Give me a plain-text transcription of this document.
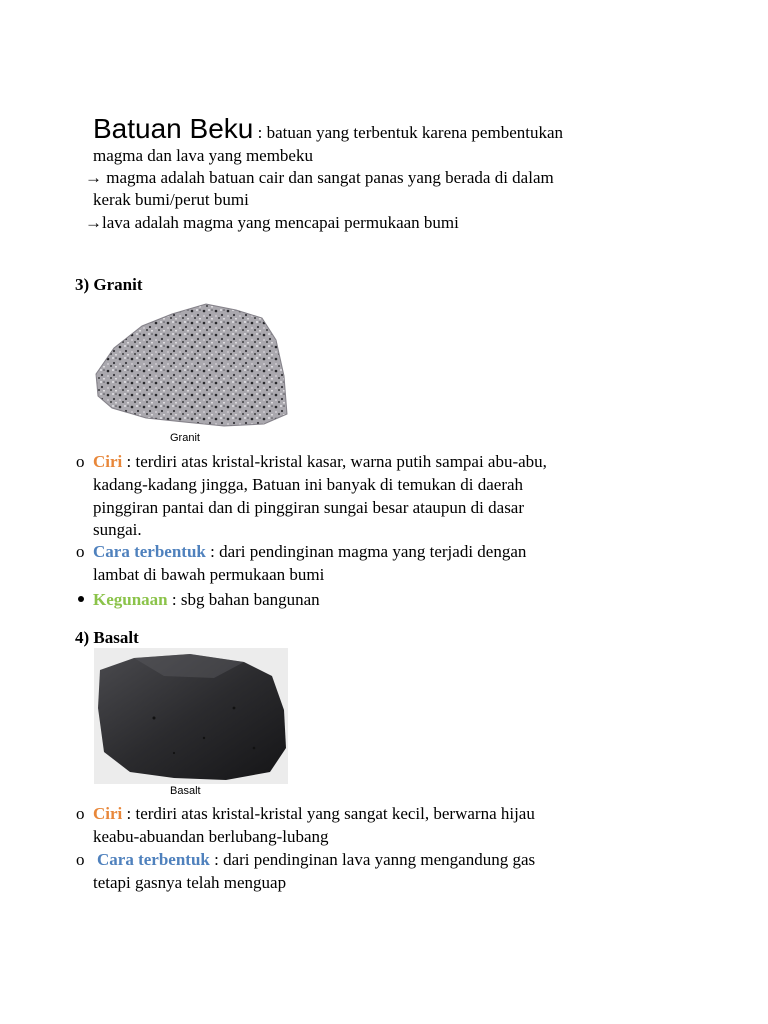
Batuan Beku : batuan yang terbentuk karena pembentukan
magma dan lava yang membeku
→ magma adalah batuan cair dan sangat panas yang berada di dalam
kerak bumi/perut bumi
→lava adalah magma yang mencapai permukaan bumi
3) Granit
Granit
o Ciri : terdiri atas kristal-kristal kasar, warna putih sampai abu-abu,
kadang-kadang jingga, Batuan ini banyak di temukan di daerah
pinggiran pantai dan di pinggiran sungai besar ataupun di dasar
sungai.
o Cara terbentuk : dari pendinginan magma yang terjadi dengan
lambat di bawah permukaan bumi
Kegunaan : sbg bahan bangunan
4) Basalt
Basalt
o Ciri : terdiri atas kristal-kristal yang sangat kecil, berwarna hijau
keabu-abuandan berlubang-lubang
o Cara terbentuk : dari pendinginan lava yanng mengandung gas
tetapi gasnya telah menguap
